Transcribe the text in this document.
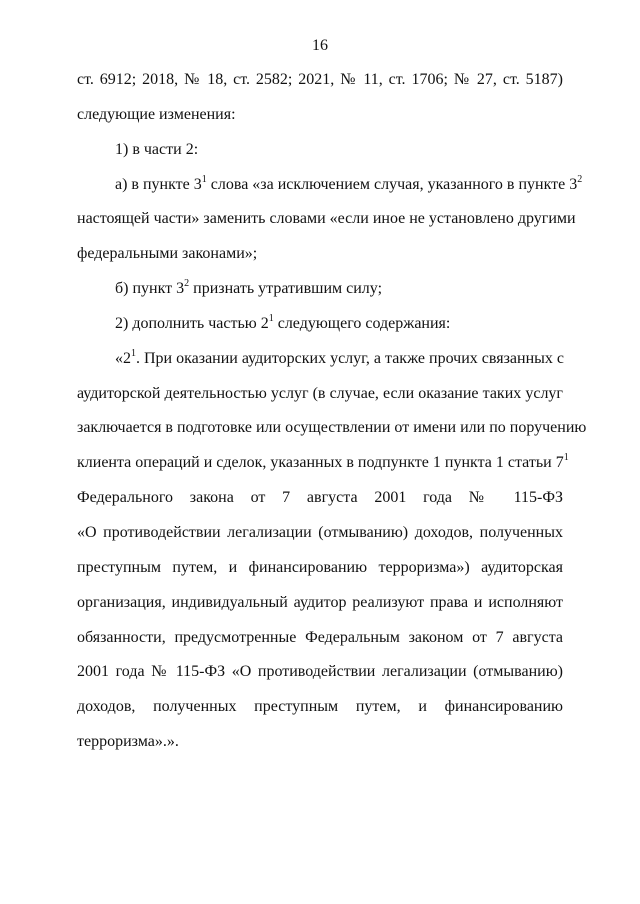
16
ст. 6912; 2018, № 18, ст. 2582; 2021, № 11, ст. 1706; № 27, ст. 5187)
следующие изменения:
1) в части 2:
а) в пункте $3^1$ слова «за исключением случая, указанного в пункте $3^2$
настоящей части» заменить словами «если иное не установлено другими
федеральными законами»;
б) пункт $3^2$ признать утратившим силу;
2) дополнить частью $2^1$ следующего содержания:
«$2^1$. При оказании аудиторских услуг, а также прочих связанных с
аудиторской деятельностью услуг (в случае, если оказание таких услуг
заключается в подготовке или осуществлении от имени или по поручению
клиента операций и сделок, указанных в подпункте 1 пункта 1 статьи $7^1$
Федерального закона от 7 августа 2001 года № 115-ФЗ
«О противодействии легализации (отмыванию) доходов, полученных
преступным путем, и финансированию терроризма») аудиторская
организация, индивидуальный аудитор реализуют права и исполняют
обязанности, предусмотренные Федеральным законом от 7 августа
2001 года № 115-ФЗ «О противодействии легализации (отмыванию)
доходов, полученных преступным путем, и финансированию
терроризма».».
